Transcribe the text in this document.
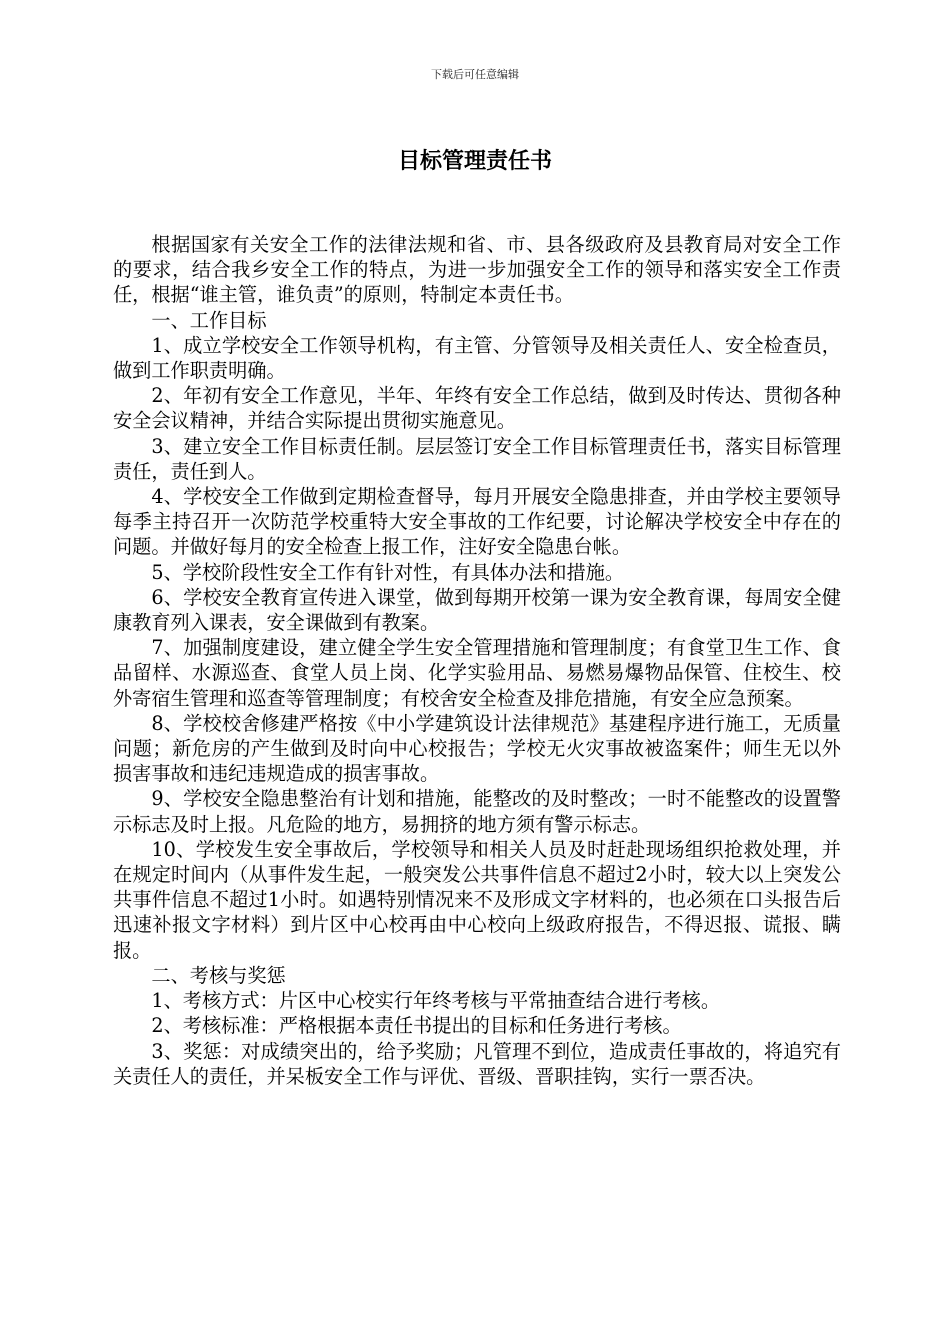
下载后可任意编辑
目标管理责任书

根据国家有关安全工作的法律法规和省、市、县各级政府及县教育局对安全工作的要求，结合我乡安全工作的特点，为进一步加强安全工作的领导和落实安全工作责任，根据“谁主管，谁负责”的原则，特制定本责任书。

一、工作目标

1、成立学校安全工作领导机构，有主管、分管领导及相关责任人、安全检查员，做到工作职责明确。

2、年初有安全工作意见，半年、年终有安全工作总结，做到及时传达、贯彻各种安全会议精神，并结合实际提出贯彻实施意见。

3、建立安全工作目标责任制。层层签订安全工作目标管理责任书，落实目标管理责任，责任到人。

4、学校安全工作做到定期检查督导，每月开展安全隐患排查，并由学校主要领导每季主持召开一次防范学校重特大安全事故的工作纪要，讨论解决学校安全中存在的问题。并做好每月的安全检查上报工作，注好安全隐患台帐。

5、学校阶段性安全工作有针对性，有具体办法和措施。

6、学校安全教育宣传进入课堂，做到每期开校第一课为安全教育课，每周安全健康教育列入课表，安全课做到有教案。

7、加强制度建设，建立健全学生安全管理措施和管理制度；有食堂卫生工作、食品留样、水源巡查、食堂人员上岗、化学实验用品、易燃易爆物品保管、住校生、校外寄宿生管理和巡查等管理制度；有校舍安全检查及排危措施，有安全应急预案。

8、学校校舍修建严格按《中小学建筑设计法律规范》基建程序进行施工，无质量问题；新危房的产生做到及时向中心校报告；学校无火灾事故被盗案件；师生无以外损害事故和违纪违规造成的损害事故。

9、学校安全隐患整治有计划和措施，能整改的及时整改；一时不能整改的设置警示标志及时上报。凡危险的地方，易拥挤的地方须有警示标志。

10、学校发生安全事故后，学校领导和相关人员及时赶赴现场组织抢救处理，并在规定时间内（从事件发生起，一般突发公共事件信息不超过2小时，较大以上突发公共事件信息不超过1小时。如遇特别情况来不及形成文字材料的，也必须在口头报告后迅速补报文字材料）到片区中心校再由中心校向上级政府报告，不得迟报、谎报、瞒报。

二、考核与奖惩

1、考核方式：片区中心校实行年终考核与平常抽查结合进行考核。

2、考核标准：严格根据本责任书提出的目标和任务进行考核。

3、奖惩：对成绩突出的，给予奖励；凡管理不到位，造成责任事故的，将追究有关责任人的责任，并呆板安全工作与评优、晋级、晋职挂钩，实行一票否决。
